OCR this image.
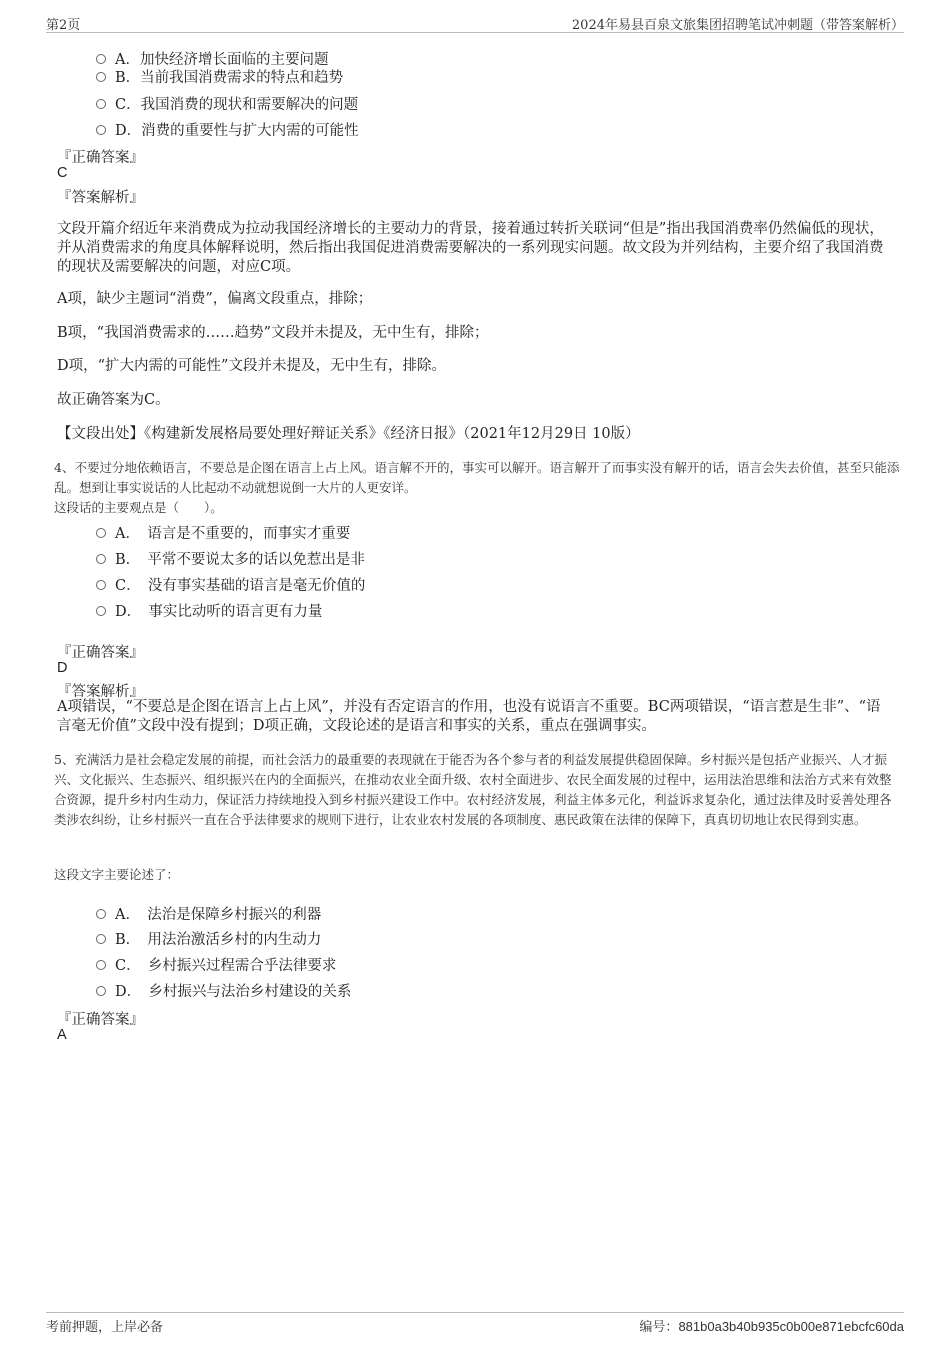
第2页	2024年易县百泉文旅集团招聘笔试冲刺题（带答案解析）
A．加快经济增长面临的主要问题
B．当前我国消费需求的特点和趋势
C．我国消费的现状和需要解决的问题
D．消费的重要性与扩大内需的可能性
『正确答案』
C
『答案解析』
文段开篇介绍近年来消费成为拉动我国经济增长的主要动力的背景，接着通过转折关联词“但是”指出我国消费率仍然偏低的现状，并从消费需求的角度具体解释说明，然后指出我国促进消费需要解决的一系列现实问题。故文段为并列结构，主要介绍了我国消费的现状及需要解决的问题，对应C项。
A项，缺少主题词“消费”，偏离文段重点，排除；
B项，“我国消费需求的……趋势”文段并未提及，无中生有，排除；
D项，“扩大内需的可能性”文段并未提及，无中生有，排除。
故正确答案为C。
【文段出处】《构建新发展格局要处理好辩证关系》《经济日报》（2021年12月29日 10版）
4、不要过分地依赖语言，不要总是企图在语言上占上风。语言解不开的，事实可以解开。语言解开了而事实没有解开的话，语言会失去价值，甚至只能添乱。想到让事实说话的人比起动不动就想说倒一大片的人更安详。
这段话的主要观点是（　　）。
A．　语言是不重要的，而事实才重要
B．　平常不要说太多的话以免惹出是非
C．　没有事实基础的语言是毫无价值的
D．　事实比动听的语言更有力量
『正确答案』
D
『答案解析』
A项错误，“不要总是企图在语言上占上风”，并没有否定语言的作用，也没有说语言不重要。BC两项错误，“语言惹是生非”、“语言毫无价值”文段中没有提到；D项正确，文段论述的是语言和事实的关系，重点在强调事实。
5、充满活力是社会稳定发展的前提，而社会活力的最重要的表现就在于能否为各个参与者的利益发展提供稳固保障。乡村振兴是包括产业振兴、人才振兴、文化振兴、生态振兴、组织振兴在内的全面振兴，在推动农业全面升级、农村全面进步、农民全面发展的过程中，运用法治思维和法治方式来有效整合资源，提升乡村内生动力，保证活力持续地投入到乡村振兴建设工作中。农村经济发展，利益主体多元化，利益诉求复杂化，通过法律及时妥善处理各类涉农纠纷，让乡村振兴一直在合乎法律要求的规则下进行，让农业农村发展的各项制度、惠民政策在法律的保障下，真真切切地让农民得到实惠。
这段文字主要论述了：
A．　法治是保障乡村振兴的利器
B．　用法治激活乡村的内生动力
C．　乡村振兴过程需合乎法律要求
D．　乡村振兴与法治乡村建设的关系
『正确答案』
A
考前押题，上岸必备	编号：881b0a3b40b935c0b00e871ebcfc60da
